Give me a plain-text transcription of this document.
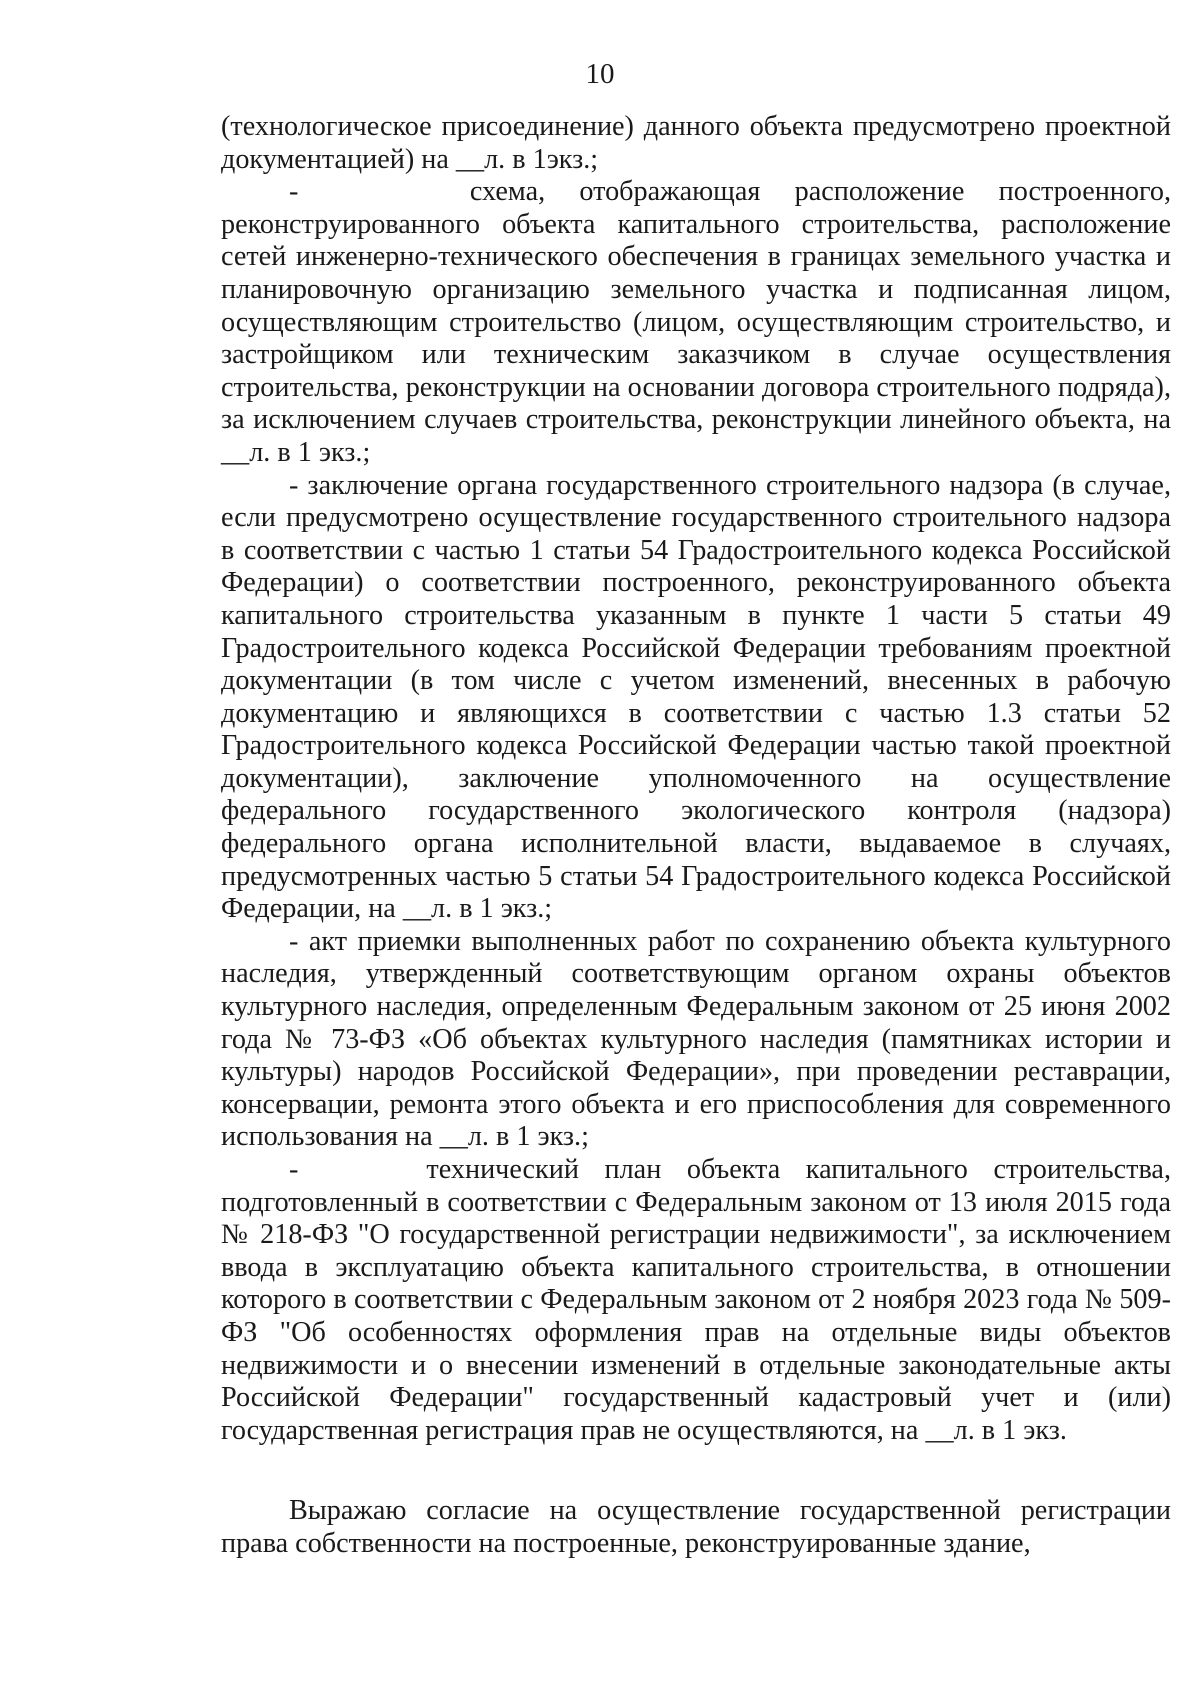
10

(технологическое присоединение) данного объекта предусмотрено проектной документацией) на __л. в 1экз.;

-     схема, отображающая расположение построенного, реконструированного объекта капитального строительства, расположение сетей инженерно-технического обеспечения в границах земельного участка и планировочную организацию земельного участка и подписанная лицом, осуществляющим строительство (лицом, осуществляющим строительство, и застройщиком или техническим заказчиком в случае осуществления строительства, реконструкции на основании договора строительного подряда), за исключением случаев строительства, реконструкции линейного объекта, на __л. в 1 экз.;

- заключение органа государственного строительного надзора (в случае, если предусмотрено осуществление государственного строительного надзора в соответствии с частью 1 статьи 54 Градостроительного кодекса Российской Федерации) о соответствии построенного, реконструированного объекта капитального строительства указанным в пункте 1 части 5 статьи 49 Градостроительного кодекса Российской Федерации требованиям проектной документации (в том числе с учетом изменений, внесенных в рабочую документацию и являющихся в соответствии с частью 1.3 статьи 52 Градостроительного кодекса Российской Федерации частью такой проектной документации), заключение уполномоченного на осуществление федерального государственного экологического контроля (надзора) федерального органа исполнительной власти, выдаваемое в случаях, предусмотренных частью 5 статьи 54 Градостроительного кодекса Российской Федерации, на __л. в 1 экз.;

- акт приемки выполненных работ по сохранению объекта культурного наследия, утвержденный соответствующим органом охраны объектов культурного наследия, определенным Федеральным законом от 25 июня 2002 года № 73-ФЗ «Об объектах культурного наследия (памятниках истории и культуры) народов Российской Федерации», при проведении реставрации, консервации, ремонта этого объекта и его приспособления для современного использования на __л. в 1 экз.;

-     технический план объекта капитального строительства, подготовленный в соответствии с Федеральным законом от 13 июля 2015 года № 218-ФЗ "О государственной регистрации недвижимости", за исключением ввода в эксплуатацию объекта капитального строительства, в отношении которого в соответствии с Федеральным законом от 2 ноября 2023 года № 509-ФЗ "Об особенностях оформления прав на отдельные виды объектов недвижимости и о внесении изменений в отдельные законодательные акты Российской Федерации" государственный кадастровый учет и (или) государственная регистрация прав не осуществляются, на __л. в 1 экз.

Выражаю согласие на осуществление государственной регистрации права собственности на построенные, реконструированные здание,
